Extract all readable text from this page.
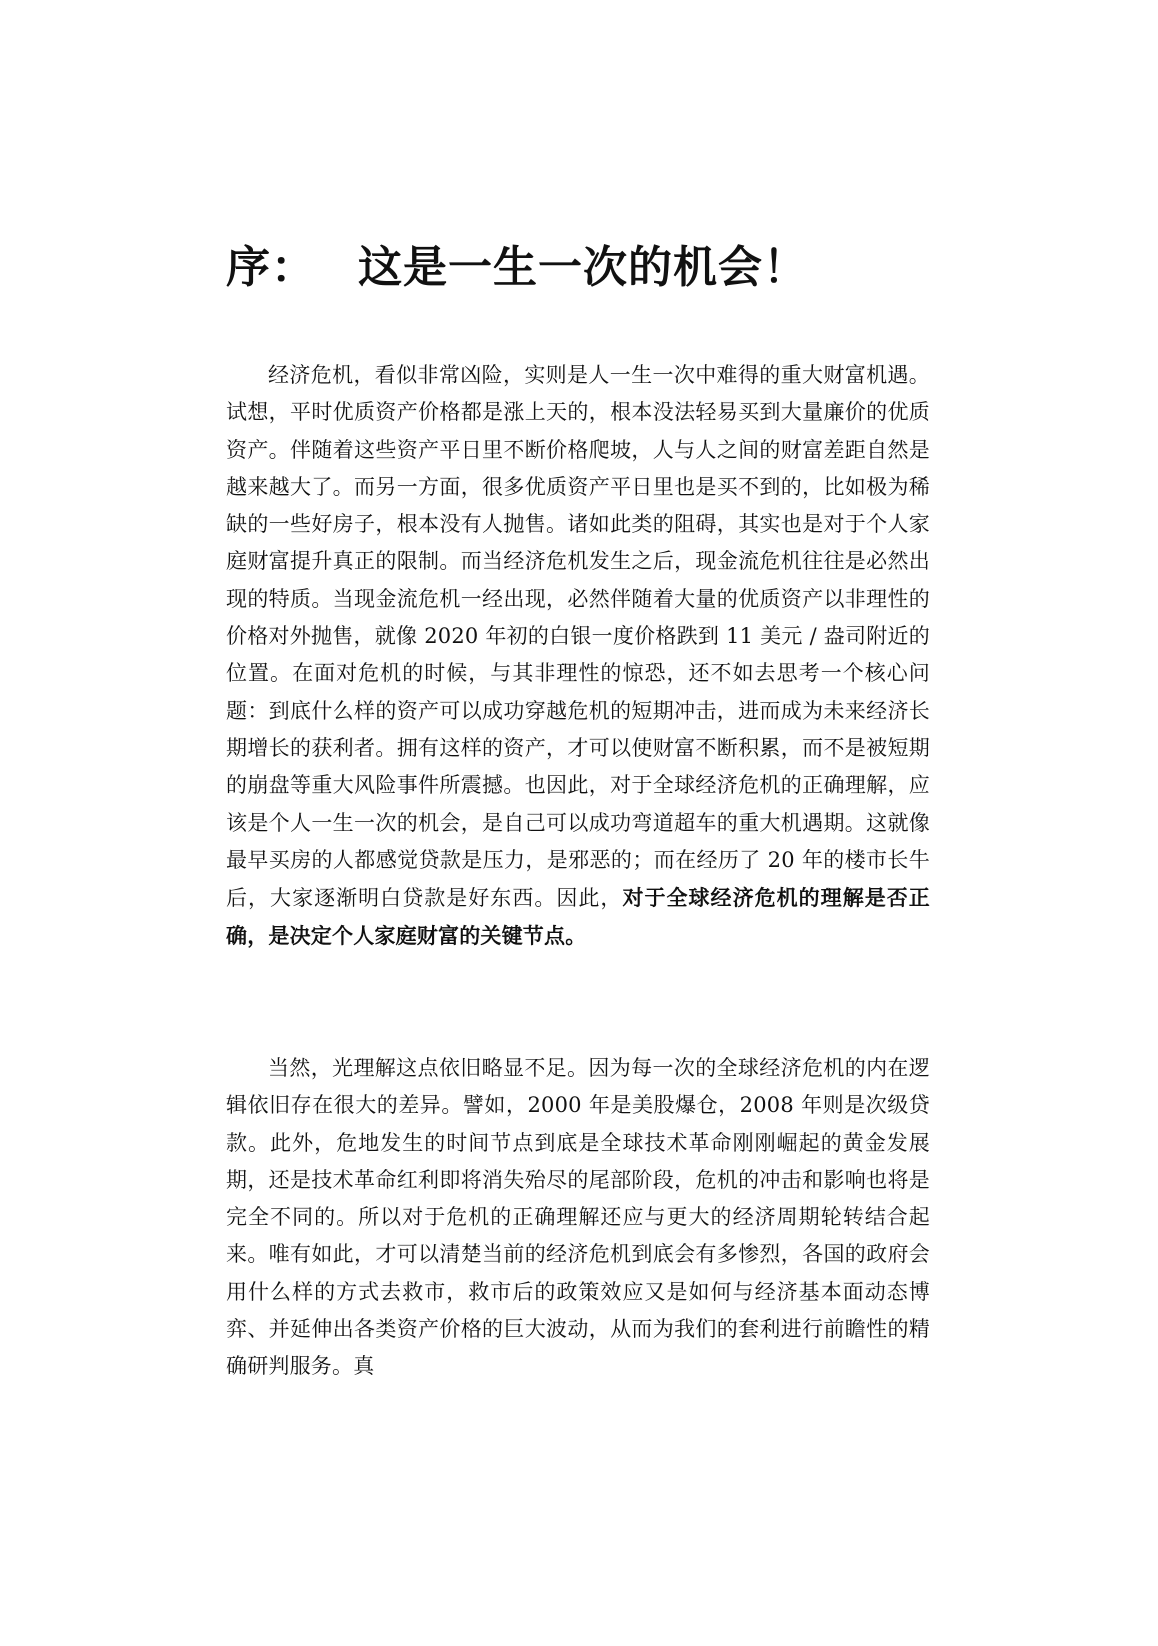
序： 这是一生一次的机会！

经济危机，看似非常凶险，实则是人一生一次中难得的重大财富机遇。试想，平时优质资产价格都是涨上天的，根本没法轻易买到大量廉价的优质资产。伴随着这些资产平日里不断价格爬坡，人与人之间的财富差距自然是越来越大了。而另一方面，很多优质资产平日里也是买不到的，比如极为稀缺的一些好房子，根本没有人抛售。诸如此类的阻碍，其实也是对于个人家庭财富提升真正的限制。而当经济危机发生之后，现金流危机往往是必然出现的特质。当现金流危机一经出现，必然伴随着大量的优质资产以非理性的价格对外抛售，就像 2020 年初的白银一度价格跌到 11 美元 / 盎司附近的位置。在面对危机的时候，与其非理性的惊恐，还不如去思考一个核心问题：到底什么样的资产可以成功穿越危机的短期冲击，进而成为未来经济长期增长的获利者。拥有这样的资产，才可以使财富不断积累，而不是被短期的崩盘等重大风险事件所震撼。也因此，对于全球经济危机的正确理解，应该是个人一生一次的机会，是自己可以成功弯道超车的重大机遇期。这就像最早买房的人都感觉贷款是压力，是邪恶的；而在经历了 20 年的楼市长牛后，大家逐渐明白贷款是好东西。因此，对于全球经济危机的理解是否正确，是决定个人家庭财富的关键节点。

当然，光理解这点依旧略显不足。因为每一次的全球经济危机的内在逻辑依旧存在很大的差异。譬如，2000 年是美股爆仓，2008 年则是次级贷款。此外，危地发生的时间节点到底是全球技术革命刚刚崛起的黄金发展期，还是技术革命红利即将消失殆尽的尾部阶段，危机的冲击和影响也将是完全不同的。所以对于危机的正确理解还应与更大的经济周期轮转结合起来。唯有如此，才可以清楚当前的经济危机到底会有多惨烈，各国的政府会用什么样的方式去救市，救市后的政策效应又是如何与经济基本面动态博弈、并延伸出各类资产价格的巨大波动，从而为我们的套利进行前瞻性的精确研判服务。真
